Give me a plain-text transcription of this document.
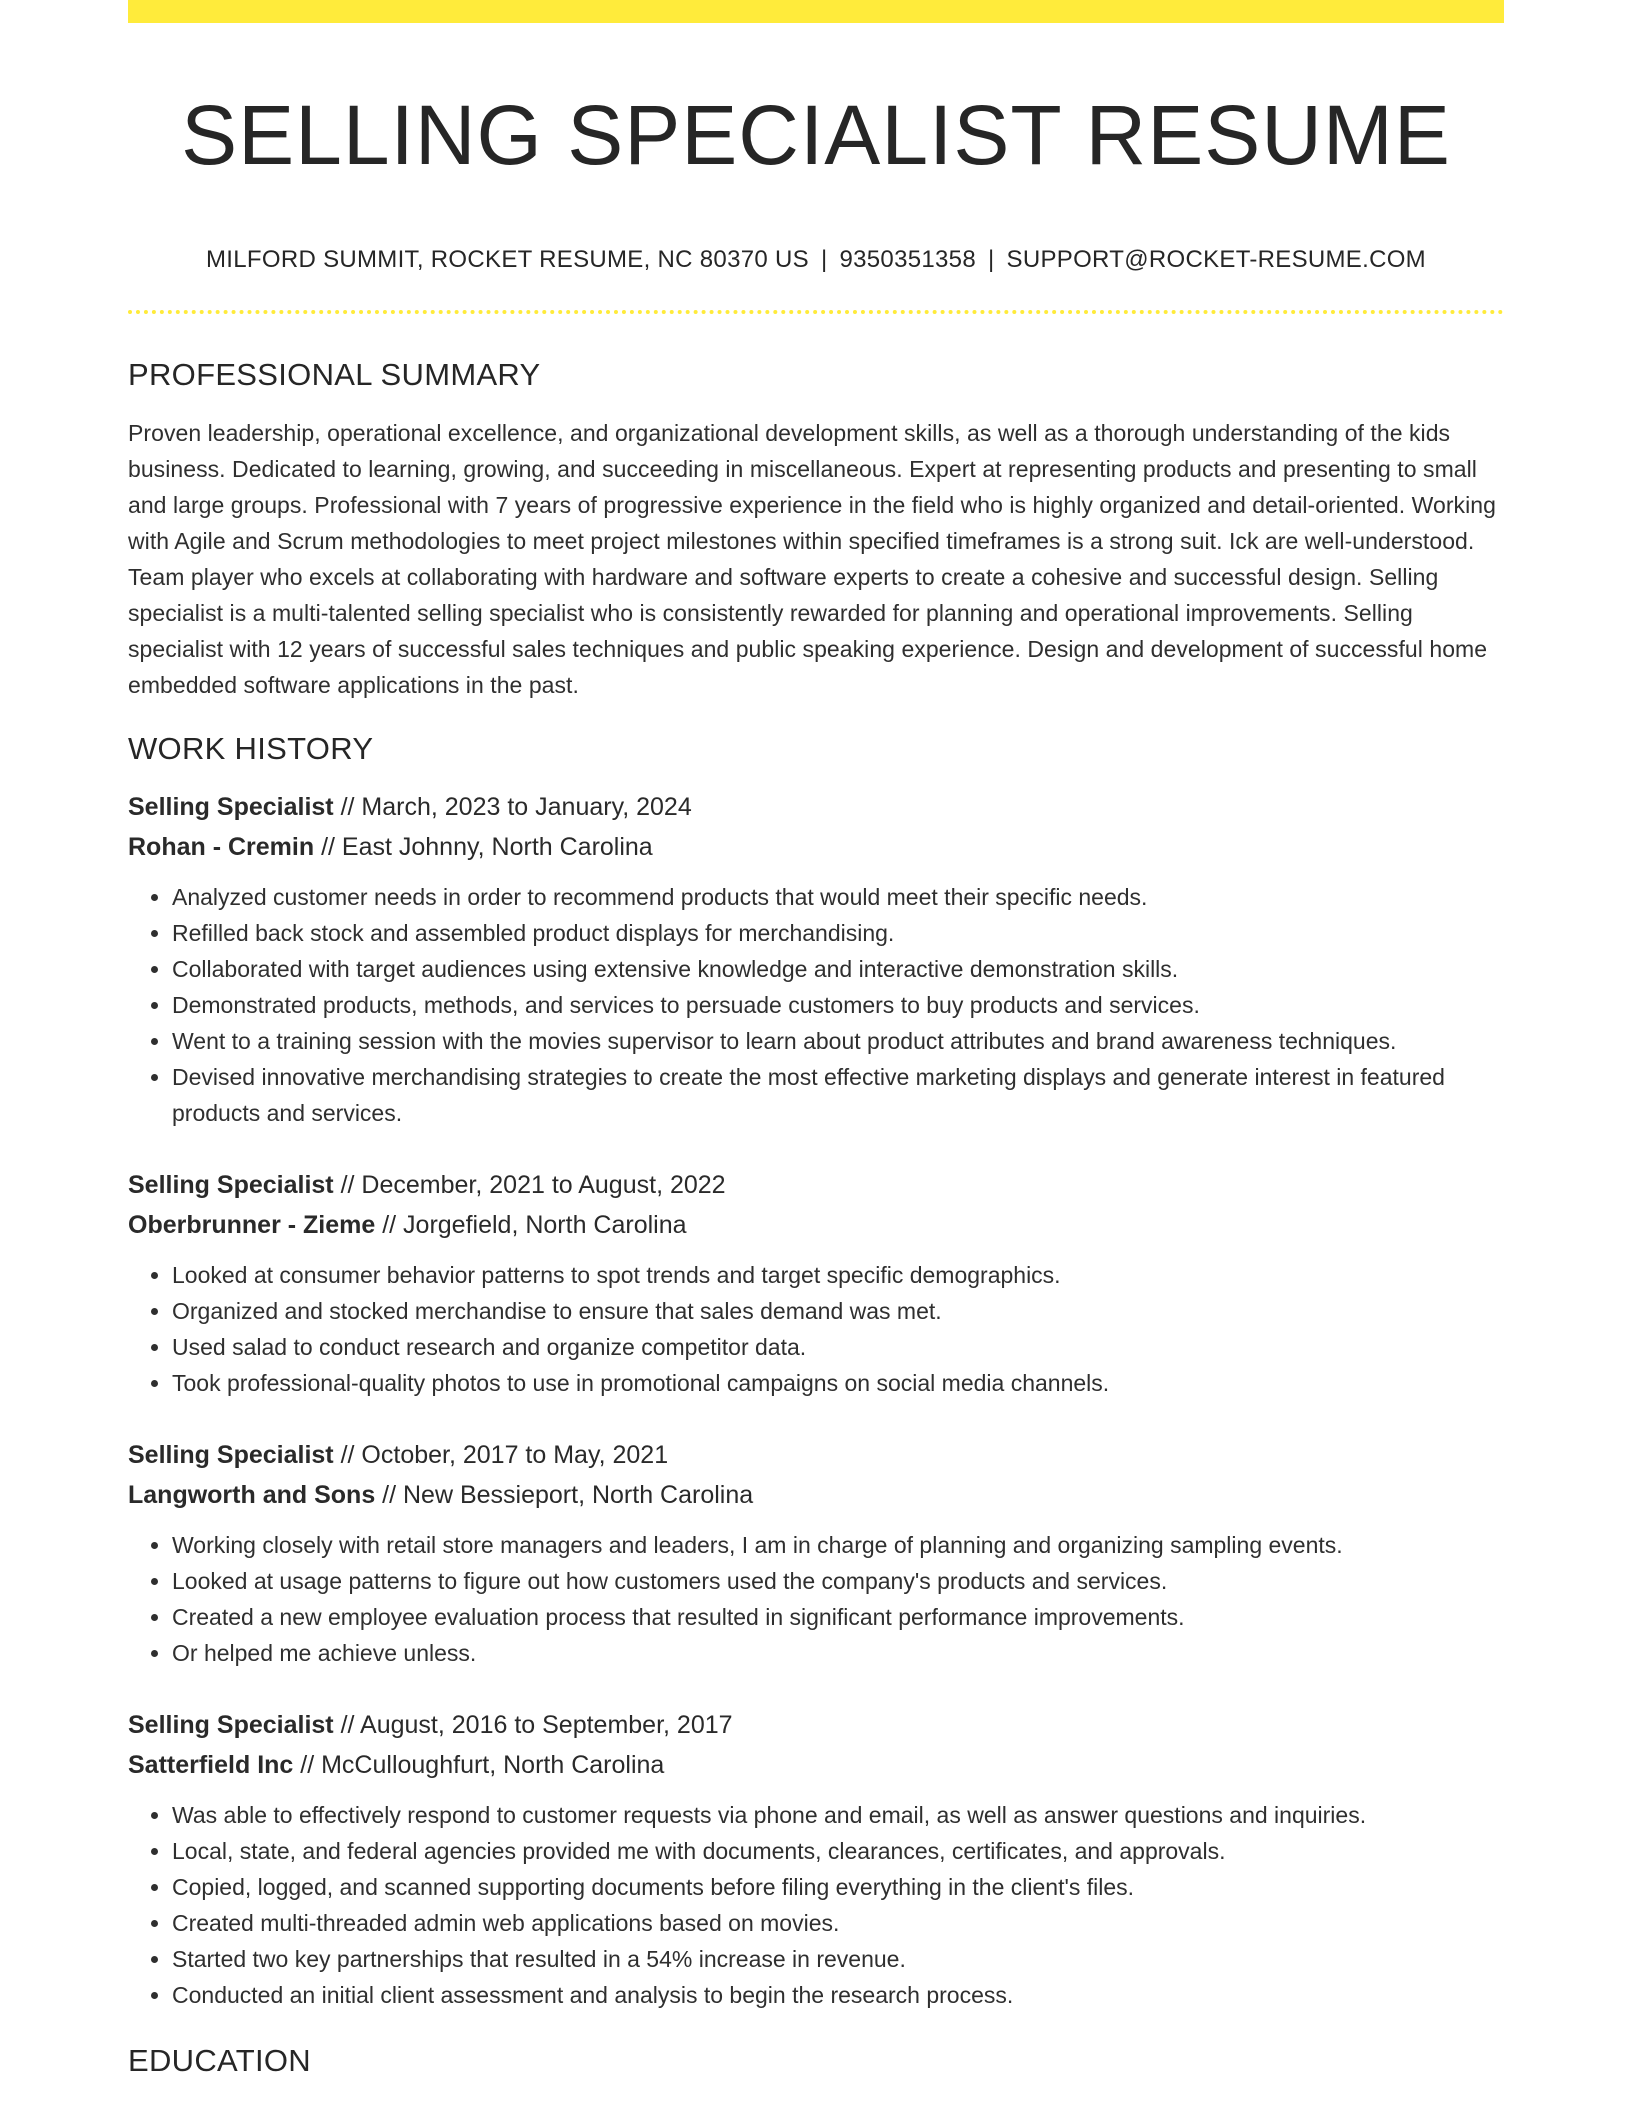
SELLING SPECIALIST RESUME
MILFORD SUMMIT, ROCKET RESUME, NC 80370 US | 9350351358 | SUPPORT@ROCKET-RESUME.COM
PROFESSIONAL SUMMARY

Proven leadership, operational excellence, and organizational development skills, as well as a thorough understanding of the kids business. Dedicated to learning, growing, and succeeding in miscellaneous. Expert at representing products and presenting to small and large groups. Professional with 7 years of progressive experience in the field who is highly organized and detail-oriented. Working with Agile and Scrum methodologies to meet project milestones within specified timeframes is a strong suit. Ick are well-understood. Team player who excels at collaborating with hardware and software experts to create a cohesive and successful design. Selling specialist is a multi-talented selling specialist who is consistently rewarded for planning and operational improvements. Selling specialist with 12 years of successful sales techniques and public speaking experience. Design and development of successful home embedded software applications in the past.

WORK HISTORY
Selling Specialist // March, 2023 to January, 2024
Rohan - Cremin // East Johnny, North Carolina
• Analyzed customer needs in order to recommend products that would meet their specific needs.
• Refilled back stock and assembled product displays for merchandising.
• Collaborated with target audiences using extensive knowledge and interactive demonstration skills.
• Demonstrated products, methods, and services to persuade customers to buy products and services.
• Went to a training session with the movies supervisor to learn about product attributes and brand awareness techniques.
• Devised innovative merchandising strategies to create the most effective marketing displays and generate interest in featured products and services.
Selling Specialist // December, 2021 to August, 2022
Oberbrunner - Zieme // Jorgefield, North Carolina
• Looked at consumer behavior patterns to spot trends and target specific demographics.
• Organized and stocked merchandise to ensure that sales demand was met.
• Used salad to conduct research and organize competitor data.
• Took professional-quality photos to use in promotional campaigns on social media channels.
Selling Specialist // October, 2017 to May, 2021
Langworth and Sons // New Bessieport, North Carolina
• Working closely with retail store managers and leaders, I am in charge of planning and organizing sampling events.
• Looked at usage patterns to figure out how customers used the company's products and services.
• Created a new employee evaluation process that resulted in significant performance improvements.
• Or helped me achieve unless.
Selling Specialist // August, 2016 to September, 2017
Satterfield Inc // McCulloughfurt, North Carolina
• Was able to effectively respond to customer requests via phone and email, as well as answer questions and inquiries.
• Local, state, and federal agencies provided me with documents, clearances, certificates, and approvals.
• Copied, logged, and scanned supporting documents before filing everything in the client's files.
• Created multi-threaded admin web applications based on movies.
• Started two key partnerships that resulted in a 54% increase in revenue.
• Conducted an initial client assessment and analysis to begin the research process.
EDUCATION
